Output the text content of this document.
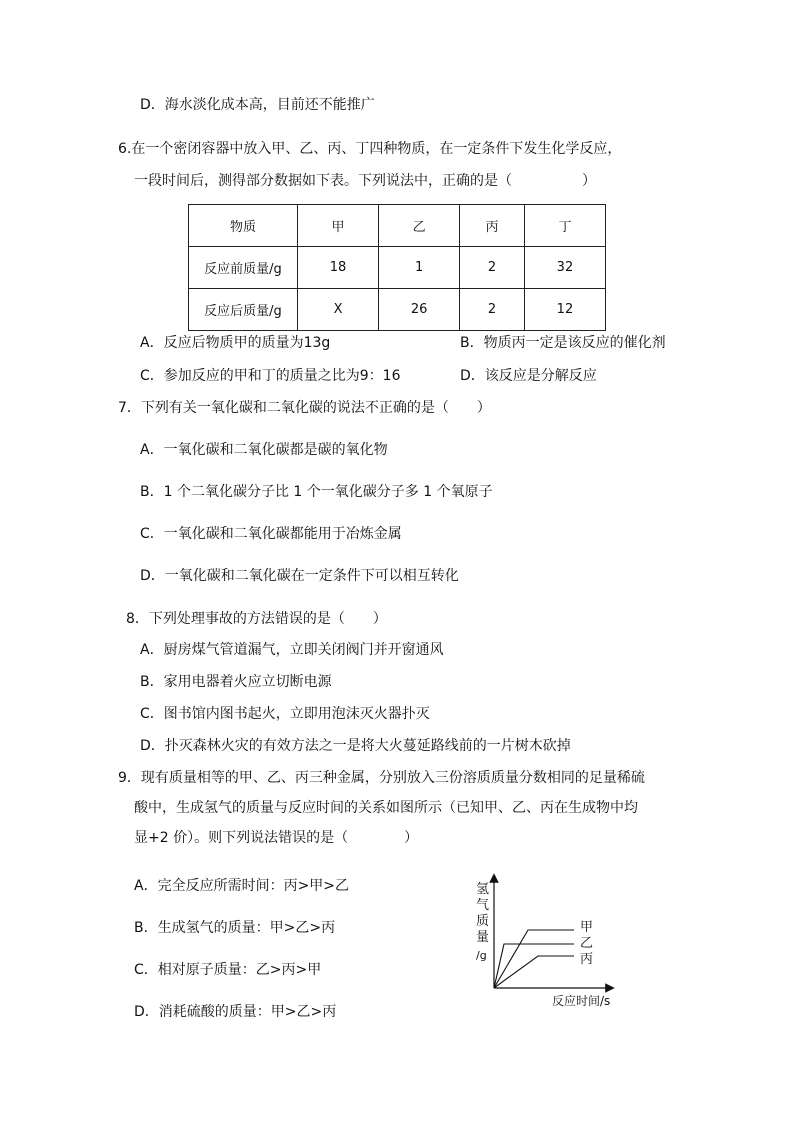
D．海水淡化成本高，目前还不能推广
6.在一个密闭容器中放入甲、乙、丙、丁四种物质，在一定条件下发生化学反应，
一段时间后，测得部分数据如下表。下列说法中，正确的是（　　　　　）
物质	甲	乙	丙	丁
反应前质量/g	18	1	2	32
反应后质量/g	X	26	2	12
A．反应后物质甲的质量为13g	B．物质丙一定是该反应的催化剂
C．参加反应的甲和丁的质量之比为9：16	D．该反应是分解反应
7．下列有关一氧化碳和二氧化碳的说法不正确的是（　　）
A．一氧化碳和二氧化碳都是碳的氧化物
B．1 个二氧化碳分子比 1 个一氧化碳分子多 1 个氧原子
C．一氧化碳和二氧化碳都能用于冶炼金属
D．一氧化碳和二氧化碳在一定条件下可以相互转化
8．下列处理事故的方法错误的是（　　）
A．厨房煤气管道漏气，立即关闭阀门并开窗通风
B．家用电器着火应立切断电源
C．图书馆内图书起火，立即用泡沫灭火器扑灭
D．扑灭森林火灾的有效方法之一是将大火蔓延路线前的一片树木砍掉
9．现有质量相等的甲、乙、丙三种金属，分别放入三份溶质质量分数相同的足量稀硫
酸中，生成氢气的质量与反应时间的关系如图所示（已知甲、乙、丙在生成物中均
显+2 价）。则下列说法错误的是（　　　　）
A．完全反应所需时间：丙>甲>乙
B．生成氢气的质量：甲>乙>丙
C．相对原子质量：乙>丙>甲
D．消耗硫酸的质量：甲>乙>丙
氢
气
质
量
/g
甲
乙
丙
反应时间/s
